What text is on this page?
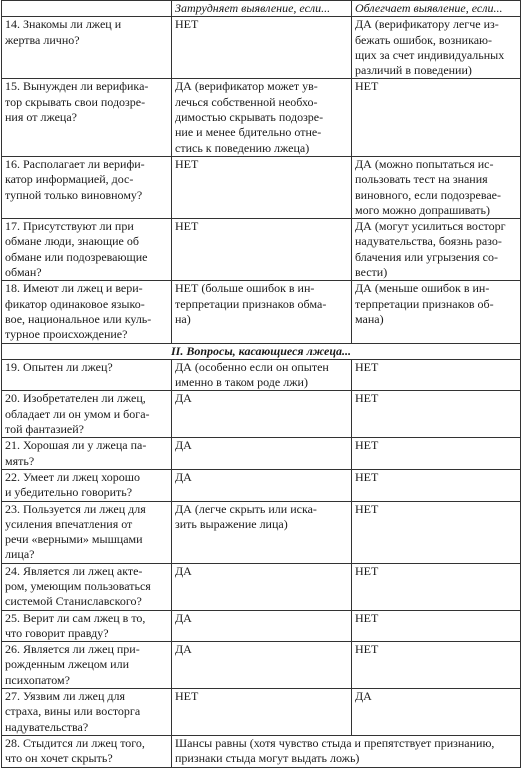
	Затрудняет выявление, если...	Облегчает выявление, если...
14. Знакомы ли лжец и
жертва лично?	НЕТ	ДА (верификатору легче из-
бежать ошибок, возникаю-
щих за счет индивидуальных
различий в поведении)
15. Вынужден ли верифика-
тор скрывать свои подозре-
ния от лжеца?	ДА (верификатор может ув-
лечься собственной необхо-
димостью скрывать подозре-
ние и менее бдительно отне-
стись к поведению лжеца)	НЕТ
16. Располагает ли верифи-
катор информацией, дос-
тупной только виновному?	НЕТ	ДА (можно попытаться ис-
пользовать тест на знания
виновного, если подозревае-
мого можно допрашивать)
17. Присутствуют ли при
обмане люди, знающие об
обмане или подозревающие
обман?	НЕТ	ДА (могут усилиться восторг
надувательства, боязнь разо-
блачения или угрызения со-
вести)
18. Имеют ли лжец и вери-
фикатор одинаковое языко-
вое, национальное или куль-
турное происхождение?	НЕТ (больше ошибок в ин-
терпретации признаков обма-
на)	ДА (меньше ошибок в ин-
терпретации признаков об-
мана)
II. Вопросы, касающиеся лжеца...		
19. Опытен ли лжец?	ДА (особенно если он опытен
именно в таком роде лжи)	НЕТ
20. Изобретателен ли лжец,
обладает ли он умом и бога-
той фантазией?	ДА	НЕТ
21. Хорошая ли у лжеца па-
мять?	ДА	НЕТ
22. Умеет ли лжец хорошо
и убедительно говорить?	ДА	НЕТ
23. Пользуется ли лжец для
усиления впечатления от
речи «верными» мышцами
лица?	ДА (легче скрыть или иска-
зить выражение лица)	НЕТ
24. Является ли лжец акте-
ром, умеющим пользоваться
системой Станиславского?	ДА	НЕТ
25. Верит ли сам лжец в то,
что говорит правду?	ДА	НЕТ
26. Является ли лжец при-
рожденным лжецом или
психопатом?	ДА	НЕТ
27. Уязвим ли лжец для
страха, вины или восторга
надувательства?	НЕТ	ДА
28. Стыдится ли лжец того,
что он хочет скрыть?	Шансы равны (хотя чувство стыда и препятствует признанию,
признаки стыда могут выдать ложь)	
